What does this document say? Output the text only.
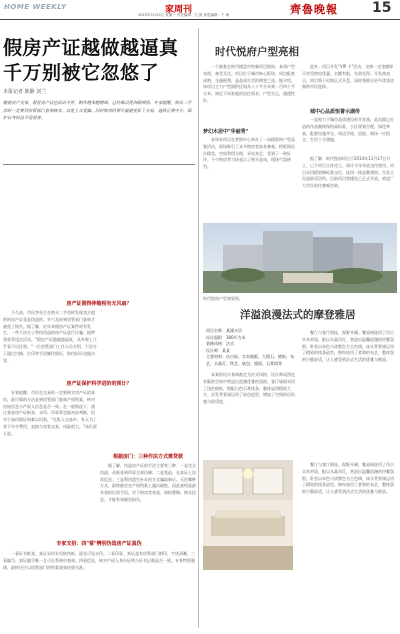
HOME WEEKLY	家周刊
2015年3月23日 星期一 责任编辑：江 波 视觉编辑：于 海	齊魯晚報 15
假房产证越做越逼真
千万别被它忽悠了
本报记者 陈静 刘兰
随着房产交易，假冒房产证也层出不穷，制作越来越精细，已经难以凭肉眼辨别。专家提醒，购买二手房时一定要到房管部门查询核实，以免上当受骗。同时购房时要尽量避免私下交易，选择正规中介，保护自身权益不受侵害。
房产证假得伸缩相有无风扇？

不久前，市民李先生在购买二手房时发现卖方提供的房产证竟是伪造的，幸亏及时到房管部门查询才避免了损失。据了解，近年来假房产证案件时有发生，一些不法分子利用伪造的房产证进行诈骗、抵押贷款等违法活动。"假房产证越做越逼真，从外观上几乎看不出区别。"一位房管部门工作人员介绍，不法分子通过扫描、打印等手段制作假证，防伪标识也能仿冒。

房产证保护科学进阶的预计？

专家提醒，市民在交易时一定要核实房产证的真伪，最可靠的方法是到房管部门查询产权档案，核对房屋信息与产权人信息是否一致。在一般情况下，通过查看房产证纸张、水印、印章等也能初步判断，但对于高仿假证则难以识别。"在私人交易中，有人为了省下中介费用，直接与卖家交易，风险很大。"该负责人说。

根据房门：三种作法方式需贷款

据了解，伪造房产证的手法主要有三种：一是完全伪造，从纸张到印章全部仿制；二是变造，在真证上涂改信息；三是利用遗失补办的方式骗取新证。无论哪种方式，最终都会在产权档案上露出破绽，因此查档是最有效的识别手段。对于购房者来说，保持警惕、核实信息，才能有效避免损失。

专家支招：四"看"辨别伪造房产证真伪

一看证书纸张，真证采用专用防伪纸，迎光可见水印。二看印章，真证盖有房管部门钢印，字迹清晰。三看编号，真证编号唯一且可在系统中查询。四看信息，核对产权人身份证明与证书记载是否一致。专家特别强调，最终还应以房管部门的档案查询结果为准。

时代悦府户型亮相

一个嵌套在时代楼盘中的新项目悦府，本周户型亮相，备受关注。项目位于城市核心板块，周边配套成熟，交通便利，是品质生活的理想之选。据介绍，该项目主力户型面积区间从八十平方米到一百四十平方米，满足不同家庭的居住需求，户型方正，通透性好。

梦幻木居中"华丽秀"

本周末项目在营销中心举办了一场精彩的户型品鉴活动，现场吸引了众多购房者前来参观。样板间设计精美，空间利用合理，采光充足，受到了一致好评。不少购房者当场表示了购买意向，现场气氛热烈。

此外，项目开发"VIP 卡"活动，交纳一定金额即可享受购房优惠，名额有限，先到先得。开发商表示，项目将于近期正式开盘，届时将推出更多优质房源供市民选择。

城中心品质恒誉示湖传

一直致力于城市品质建设的开发商，此次精心打造的作品继续保持高标准，小区规划合理，绿化率高，配套设施齐全，周边学校、医院、商场一应俱全，生活十分便捷。

据了解，时代悦府项目于2014年11月17日开工，已于项目主体完工，预计今年年底交付使用。项目采用精装修标准交付，选用一线品牌建材，为业主打造舒适居所。目前项目售楼处已正式开放，欢迎广大市民前往参观咨询。

时代悦府户型效果图。
洋溢浪漫法式的摩登雅居
项目名称：某溪水居
设计面积：160平方米
装修风格：法式
设计师：某某
主要材料：仿古砖、实木地板、大理石、壁纸、布艺、水晶灯、铁艺、软包、镜面、石膏线等

本案的设计基调被定为法式风格，设计师试图在有限的空间中营造出浪漫优雅的氛围。客厅墙面采用了浅色壁纸，搭配白色石膏线条，整体显得精致大方。沙发背景墙运用了软包造型，增加了空间的层次感与舒适度。

餐厅与客厅相连，视野开阔。餐桌椅选用了仿古实木材质，配以水晶吊灯，营造出温馨浪漫的用餐氛围。卧室以米色与淡紫色为主色调，床头背景墙运用了精致的线条造型，窗帘选用了柔和的布艺，整体氛围宁静舒适，让人感受到法式生活的优雅与惬意。

餐厅与客厅相连，视野开阔。餐桌椅选用了仿古实木材质，配以水晶吊灯，营造出温馨浪漫的用餐氛围。卧室以米色与淡紫色为主色调，床头背景墙运用了精致的线条造型，窗帘选用了柔和的布艺，整体氛围宁静舒适，让人感受到法式生活的优雅与惬意。
